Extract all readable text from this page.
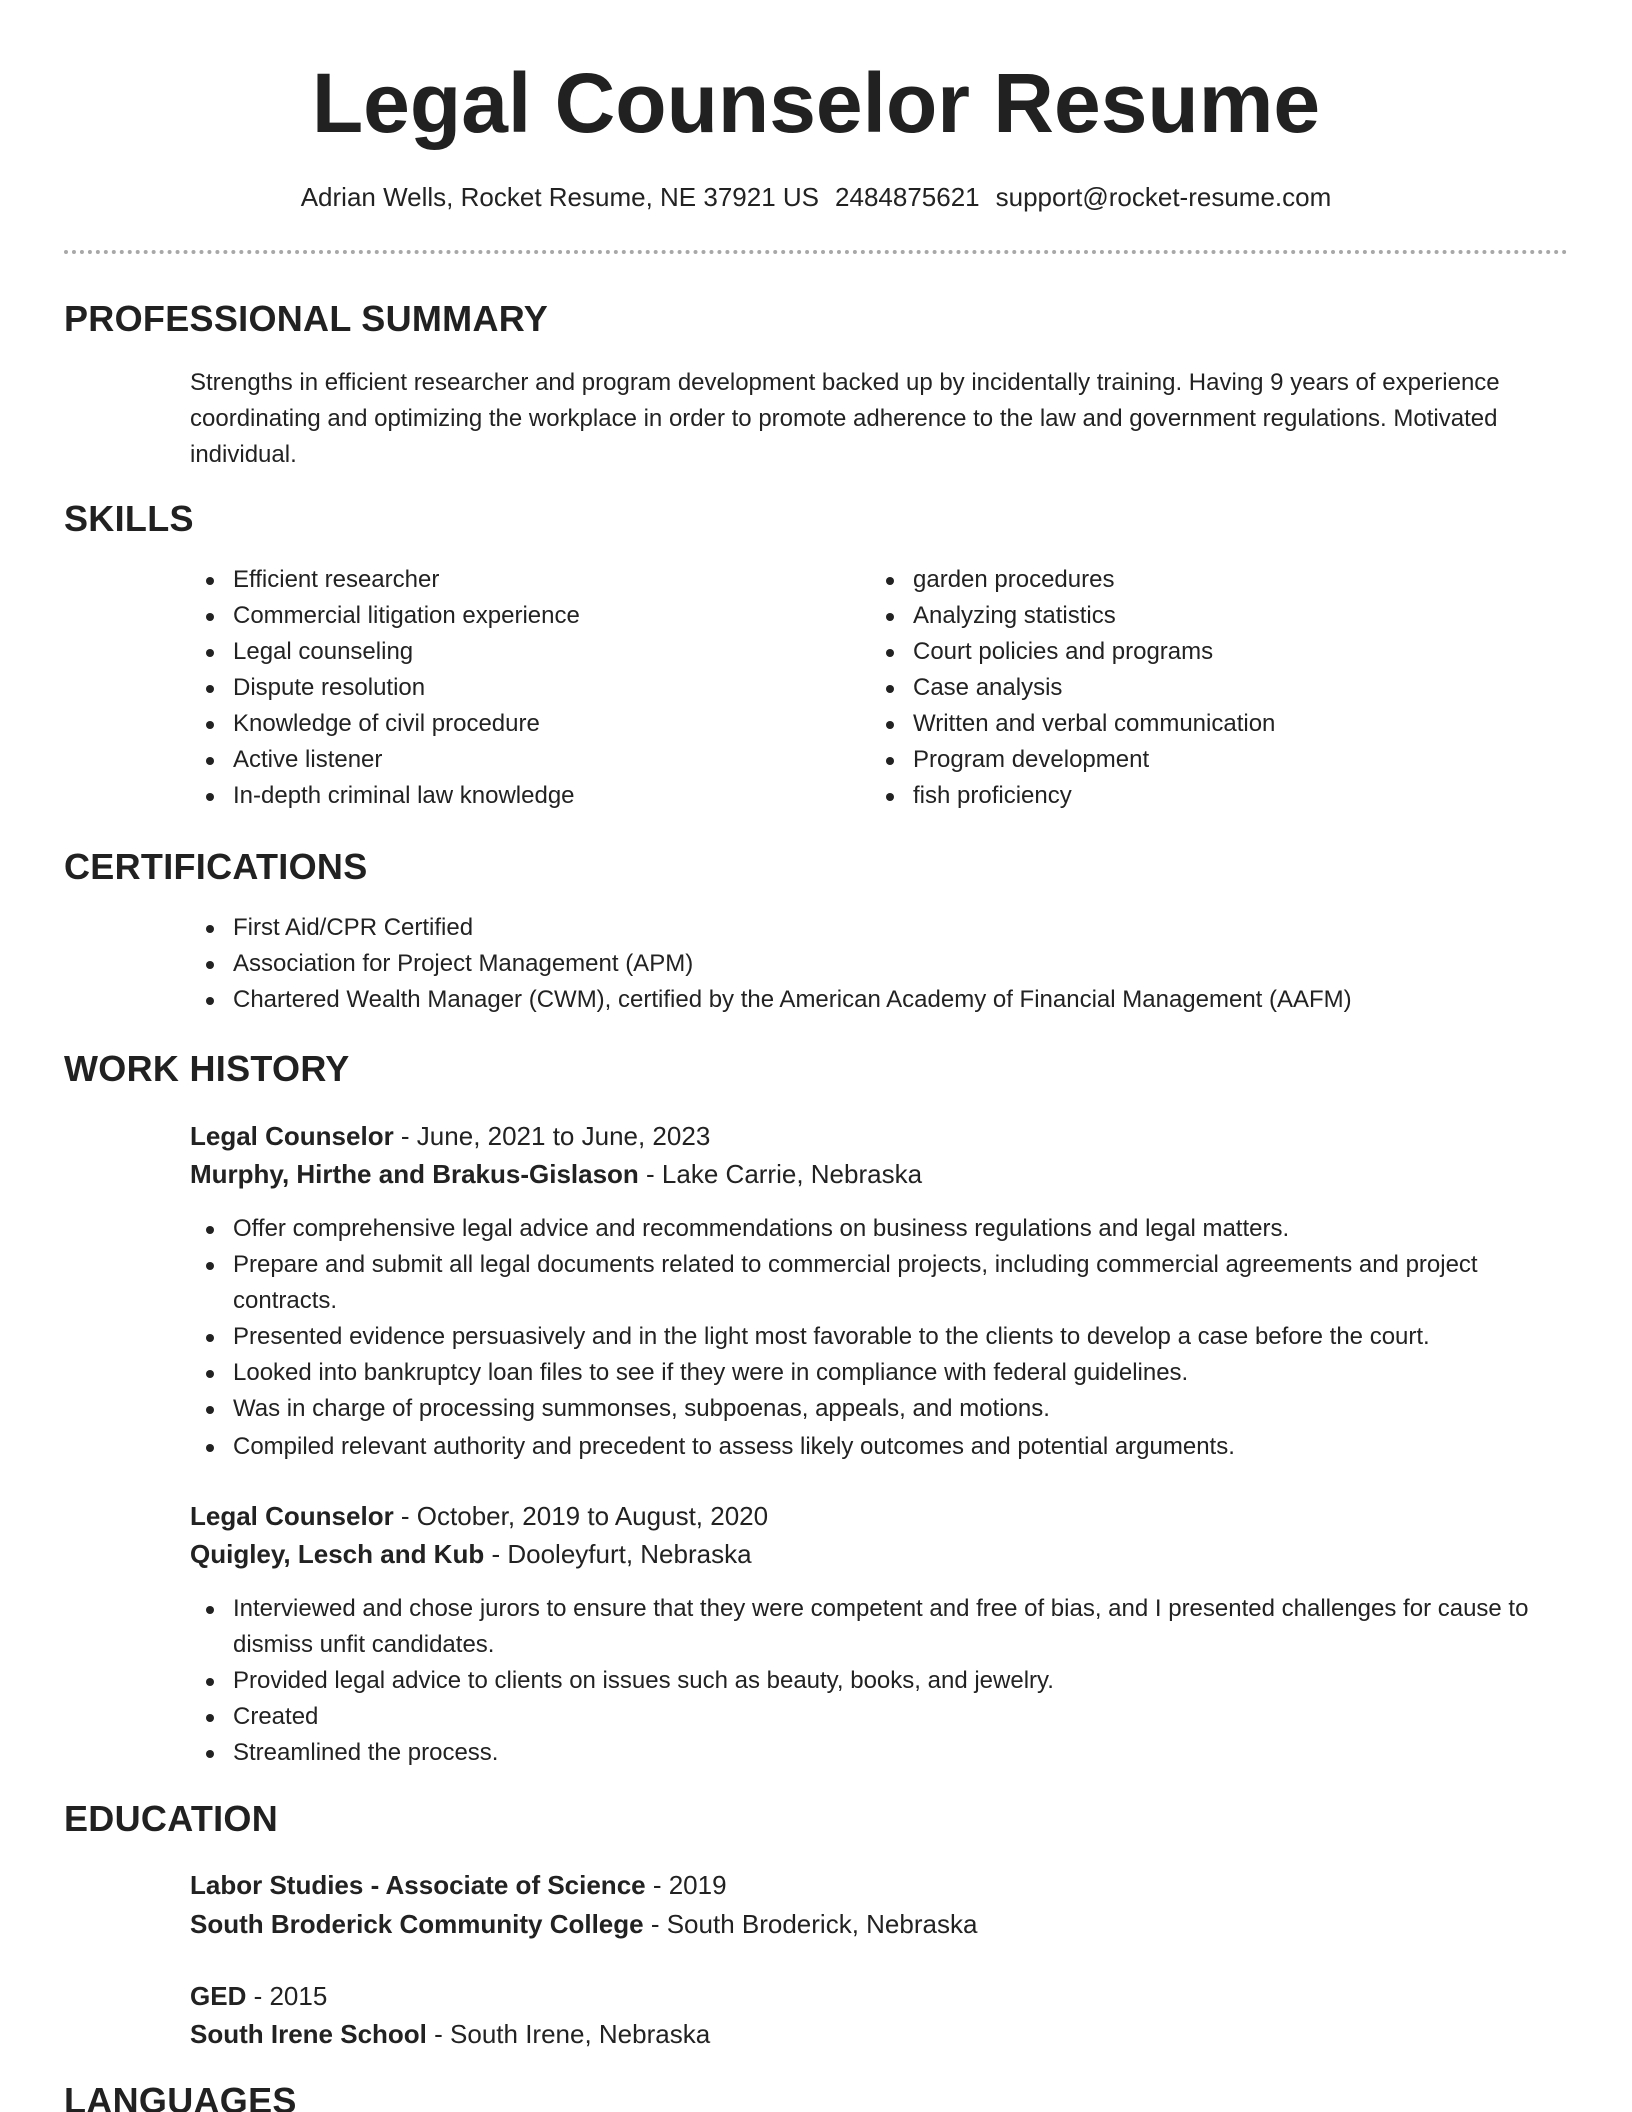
Legal Counselor Resume
Adrian Wells, Rocket Resume, NE 37921 US 2484875621 support@rocket-resume.com
PROFESSIONAL SUMMARY

Strengths in efficient researcher and program development backed up by incidentally training. Having 9 years of experience coordinating and optimizing the workplace in order to promote adherence to the law and government regulations. Motivated individual.

SKILLS
Efficient researcher
Commercial litigation experience
Legal counseling
Dispute resolution
Knowledge of civil procedure
Active listener
In-depth criminal law knowledge
garden procedures
Analyzing statistics
Court policies and programs
Case analysis
Written and verbal communication
Program development
fish proficiency
CERTIFICATIONS
First Aid/CPR Certified
Association for Project Management (APM)
Chartered Wealth Manager (CWM), certified by the American Academy of Financial Management (AAFM)
WORK HISTORY
Legal Counselor - June, 2021 to June, 2023
Murphy, Hirthe and Brakus-Gislason - Lake Carrie, Nebraska
Offer comprehensive legal advice and recommendations on business regulations and legal matters.
Prepare and submit all legal documents related to commercial projects, including commercial agreements and project contracts.
Presented evidence persuasively and in the light most favorable to the clients to develop a case before the court.
Looked into bankruptcy loan files to see if they were in compliance with federal guidelines.
Was in charge of processing summonses, subpoenas, appeals, and motions.
Compiled relevant authority and precedent to assess likely outcomes and potential arguments.
Legal Counselor - October, 2019 to August, 2020
Quigley, Lesch and Kub - Dooleyfurt, Nebraska
Interviewed and chose jurors to ensure that they were competent and free of bias, and I presented challenges for cause to dismiss unfit candidates.
Provided legal advice to clients on issues such as beauty, books, and jewelry.
Created
Streamlined the process.
EDUCATION
Labor Studies - Associate of Science - 2019
South Broderick Community College - South Broderick, Nebraska
GED - 2015
South Irene School - South Irene, Nebraska
LANGUAGES
